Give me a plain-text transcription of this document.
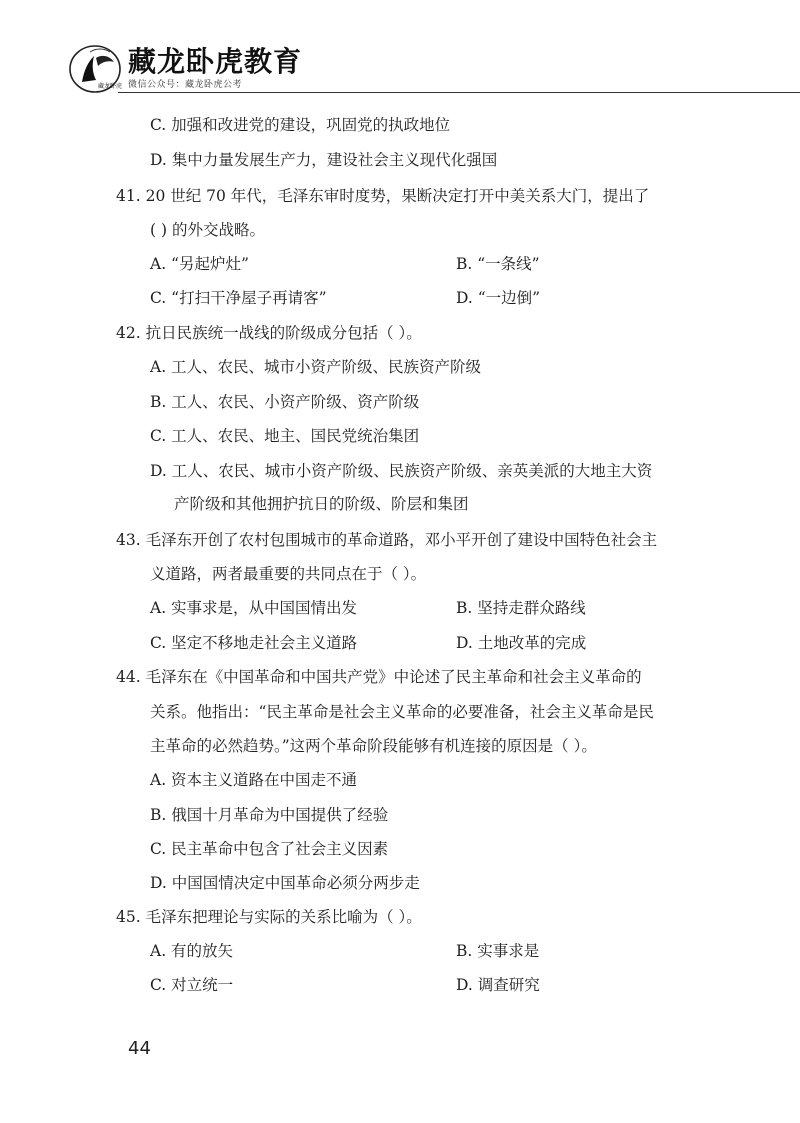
藏龙卧虎
藏龙卧虎教育
微信公众号：藏龙卧虎公考
C. 加强和改进党的建设，巩固党的执政地位
D. 集中力量发展生产力，建设社会主义现代化强国
41. 20 世纪 70 年代，毛泽东审时度势，果断决定打开中美关系大门，提出了
( ) 的外交战略。
A. “另起炉灶”	B. “一条线”
C. “打扫干净屋子再请客”	D. “一边倒”
42. 抗日民族统一战线的阶级成分包括（ ）。
A. 工人、农民、城市小资产阶级、民族资产阶级
B. 工人、农民、小资产阶级、资产阶级
C. 工人、农民、地主、国民党统治集团
D. 工人、农民、城市小资产阶级、民族资产阶级、亲英美派的大地主大资
产阶级和其他拥护抗日的阶级、阶层和集团
43. 毛泽东开创了农村包围城市的革命道路，邓小平开创了建设中国特色社会主
义道路，两者最重要的共同点在于（ ）。
A. 实事求是，从中国国情出发	B. 坚持走群众路线
C. 坚定不移地走社会主义道路	D. 土地改革的完成
44. 毛泽东在《中国革命和中国共产党》中论述了民主革命和社会主义革命的
关系。他指出：“民主革命是社会主义革命的必要准备，社会主义革命是民
主革命的必然趋势。”这两个革命阶段能够有机连接的原因是（ ）。
A. 资本主义道路在中国走不通
B. 俄国十月革命为中国提供了经验
C. 民主革命中包含了社会主义因素
D. 中国国情决定中国革命必须分两步走
45. 毛泽东把理论与实际的关系比喻为（ ）。
A. 有的放矢	B. 实事求是
C. 对立统一	D. 调查研究
44
